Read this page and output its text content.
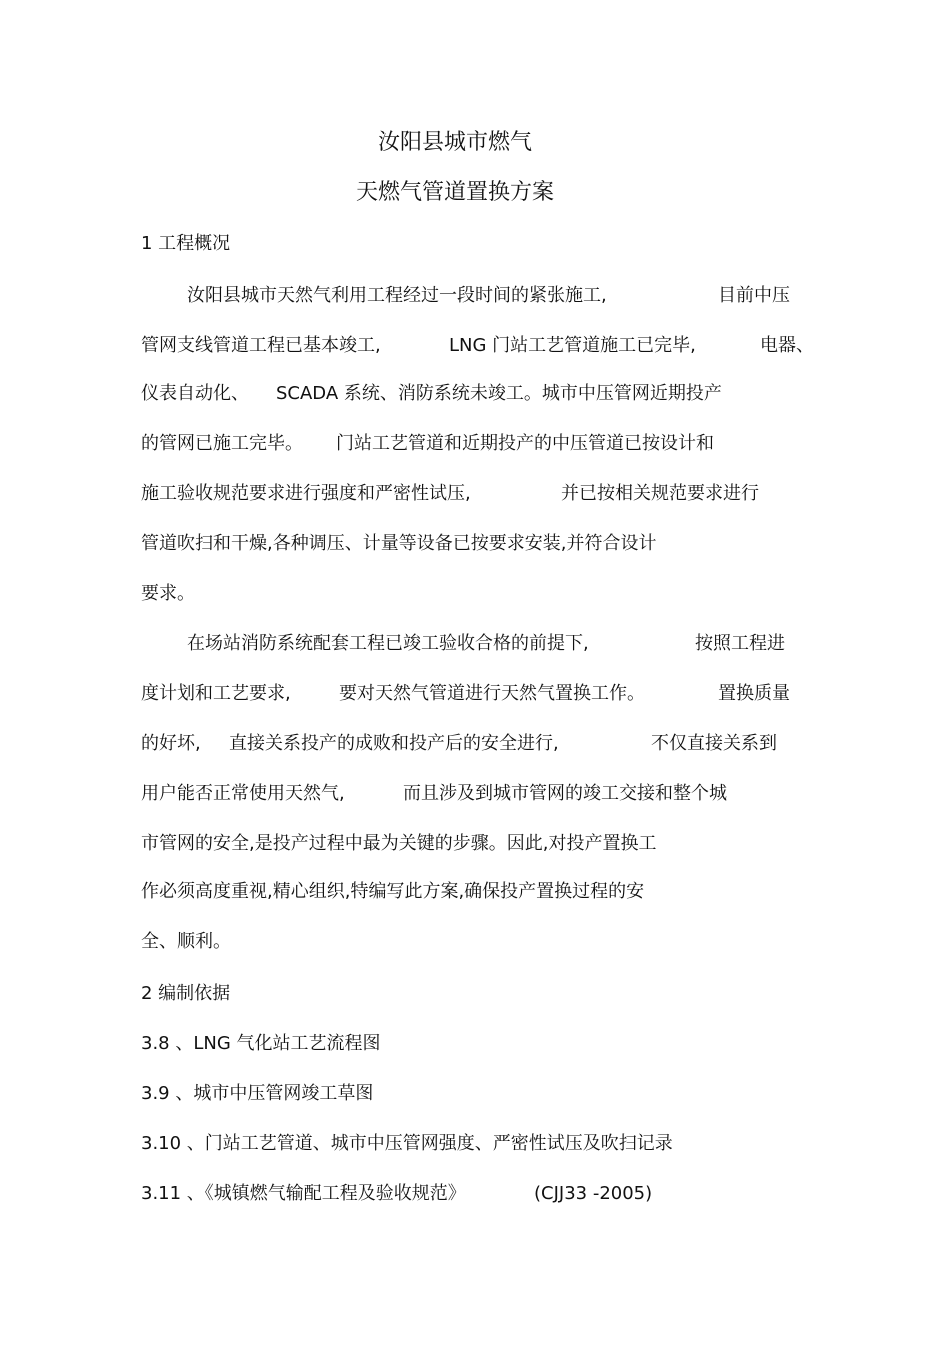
汝阳县城市燃气
天燃气管道置换方案
1 工程概况
汝阳县城市天然气利用工程经过一段时间的紧张施工,	目前中压
管网支线管道工程已基本竣工,	LNG 门站工艺管道施工已完毕,	电器、
仪表自动化、 SCADA 系统、消防系统未竣工。城市中压管网近期投产
的管网已施工完毕。 门站工艺管道和近期投产的中压管道已按设计和
施工验收规范要求进行强度和严密性试压,	并已按相关规范要求进行
管道吹扫和干燥,各种调压、计量等设备已按要求安装,并符合设计
要求。
在场站消防系统配套工程已竣工验收合格的前提下,	按照工程进
度计划和工艺要求,	要对天然气管道进行天然气置换工作。	置换质量
的好坏, 直接关系投产的成败和投产后的安全进行,	不仅直接关系到
用户能否正常使用天然气,	而且涉及到城市管网的竣工交接和整个城
市管网的安全,是投产过程中最为关键的步骤。因此,对投产置换工
作必须高度重视,精心组织,特编写此方案,确保投产置换过程的安
全、顺利。
2 编制依据
3.8 、LNG 气化站工艺流程图
3.9 、城市中压管网竣工草图
3.10 、门站工艺管道、城市中压管网强度、严密性试压及吹扫记录
3.11 、《城镇燃气输配工程及验收规范》	(CJJ33 -2005)
